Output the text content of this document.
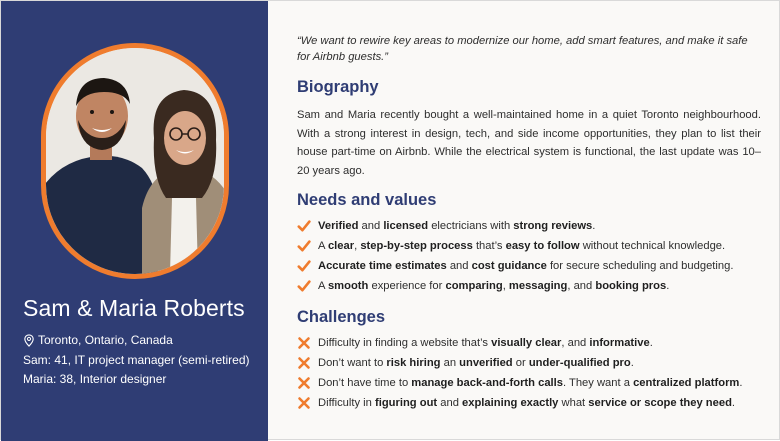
Sam & Maria Roberts
Toronto, Ontario, Canada
Sam: 41, IT project manager (semi-retired)
Maria: 38, Interior designer
“We want to rewire key areas to modernize our home, add smart features, and make it safe for Airbnb guests.”
Biography
Sam and Maria recently bought a well-maintained home in a quiet Toronto neighbourhood. With a strong interest in design, tech, and side income opportunities, they plan to list their house part-time on Airbnb. While the electrical system is functional, the last update was 10–20 years ago.
Needs and values
Verified and licensed electricians with strong reviews.
A clear, step-by-step process that’s easy to follow without technical knowledge.
Accurate time estimates and cost guidance for secure scheduling and budgeting.
A smooth experience for comparing, messaging, and booking pros.
Challenges
Difficulty in finding a website that’s visually clear, and informative.
Don’t want to risk hiring an unverified or under-qualified pro.
Don’t have time to manage back-and-forth calls. They want a centralized platform.
Difficulty in figuring out and explaining exactly what service or scope they need.
